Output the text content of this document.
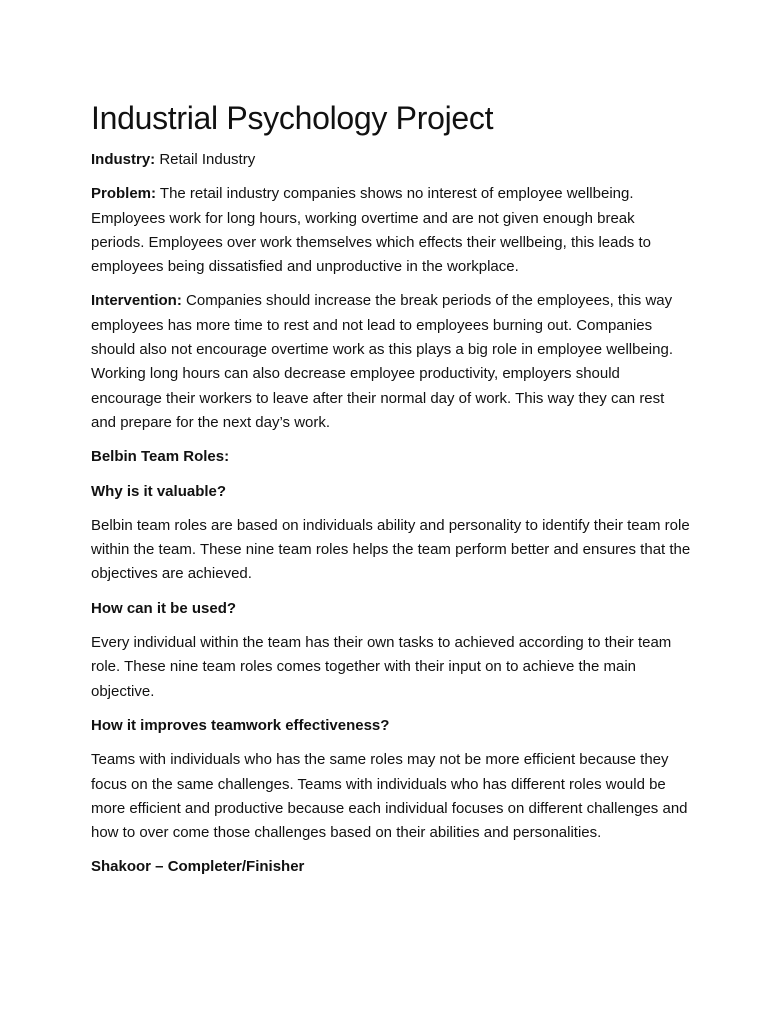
Industrial Psychology Project

Industry: Retail Industry

Problem: The retail industry companies shows no interest of employee wellbeing. Employees work for long hours, working overtime and are not given enough break periods. Employees over work themselves which effects their wellbeing, this leads to employees being dissatisfied and unproductive in the workplace.

Intervention: Companies should increase the break periods of the employees, this way employees has more time to rest and not lead to employees burning out. Companies should also not encourage overtime work as this plays a big role in employee wellbeing. Working long hours can also decrease employee productivity, employers should encourage their workers to leave after their normal day of work. This way they can rest and prepare for the next day’s work.

Belbin Team Roles:

Why is it valuable?

Belbin team roles are based on individuals ability and personality to identify their team role within the team. These nine team roles helps the team perform better and ensures that the objectives are achieved.

How can it be used?

Every individual within the team has their own tasks to achieved according to their team role. These nine team roles comes together with their input on to achieve the main objective.

How it improves teamwork effectiveness?

Teams with individuals who has the same roles may not be more efficient because they focus on the same challenges. Teams with individuals who has different roles would be more efficient and productive because each individual focuses on different challenges and how to over come those challenges based on their abilities and personalities.

Shakoor – Completer/Finisher
